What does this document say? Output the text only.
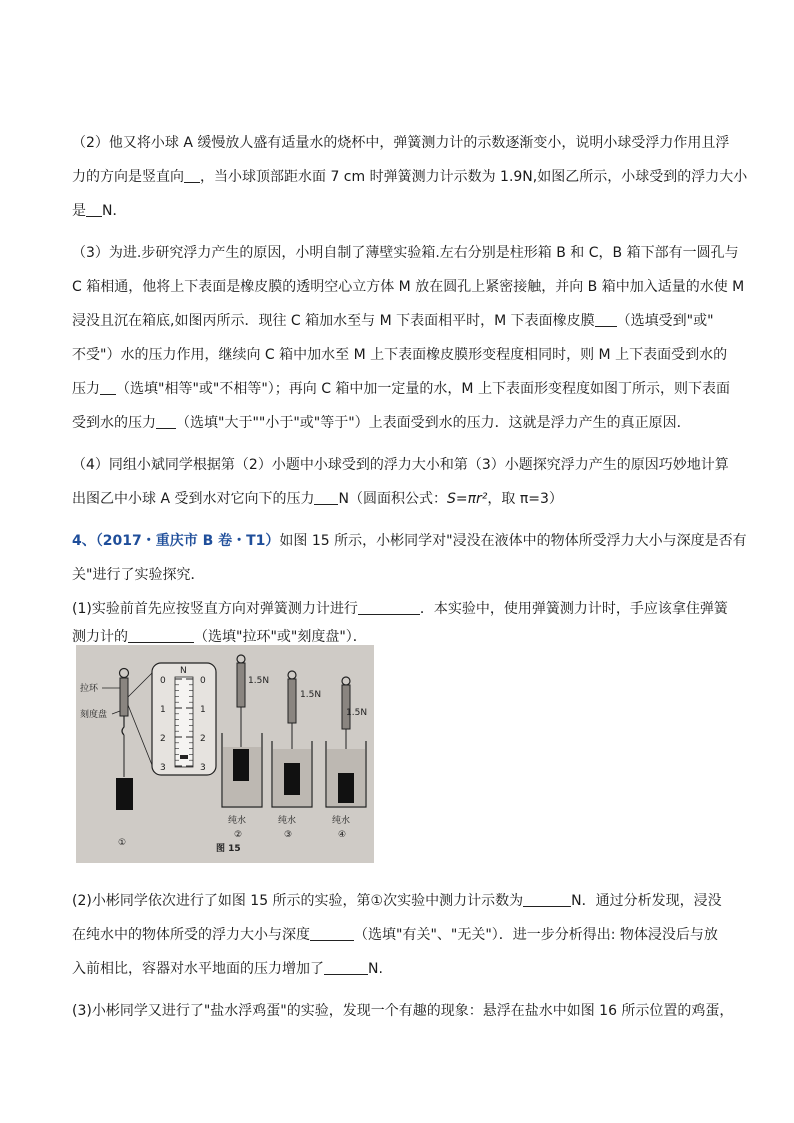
（2）他又将小球 A 缓慢放人盛有适量水的烧杯中，弹簧测力计的示数逐渐变小，说明小球受浮力作用且浮
力的方向是竖直向 ，当小球顶部距水面 7 cm 时弹簧测力计示数为 1.9N,如图乙所示，小球受到的浮力大小
是 N．
（3）为进.步研究浮力产生的原因，小明自制了薄壁实验箱.左右分别是柱形箱 B 和 C，B 箱下部有一圆孔与
C 箱相通，他将上下表面是橡皮膜的透明空心立方体 M 放在圆孔上紧密接触，并向 B 箱中加入适量的水使 M
浸没且沉在箱底,如图丙所示．现往 C 箱加水至与 M 下表面相平时，M 下表面橡皮膜 （选填受到"或"
不受"）水的压力作用，继续向 C 箱中加水至 M 上下表面橡皮膜形变程度相同时，则 M 上下表面受到水的
压力 （选填"相等"或"不相等"）；再向 C 箱中加一定量的水，M 上下表面形变程度如图丁所示，则下表面
受到水的压力 （选填"大于""小于"或"等于"）上表面受到水的压力．这就是浮力产生的真正原因．
（4）同组小斌同学根据第（2）小题中小球受到的浮力大小和第（3）小题探究浮力产生的原因巧妙地计算
出图乙中小球 A 受到水对它向下的压力 N（圆面积公式：S=πr²，取 π=3）
4、（2017・重庆市 B 卷・T1）如图 15 所示，小彬同学对"浸没在液体中的物体所受浮力大小与深度是否有
关"进行了实验探究．
(1)实验前首先应按竖直方向对弹簧测力计进行	．本实验中，使用弹簧测力计时，手应该拿住弹簧
测力计的	（选填"拉环"或"刻度盘"）．
拉环
刻度盘
①
N
0
1
2
3
0
1
2
3
1.5N
纯水
②
1.5N
纯水
③
1.5N
纯水
④
图 15
(2)小彬同学依次进行了如图 15 所示的实验，第①次实验中测力计示数为	N．通过分析发现，浸没
在纯水中的物体所受的浮力大小与深度	（选填"有关"、"无关"）．进一步分析得出: 物体浸没后与放
入前相比，容器对水平地面的压力增加了	N.
(3)小彬同学又进行了"盐水浮鸡蛋"的实验，发现一个有趣的现象：悬浮在盐水中如图 16 所示位置的鸡蛋，
